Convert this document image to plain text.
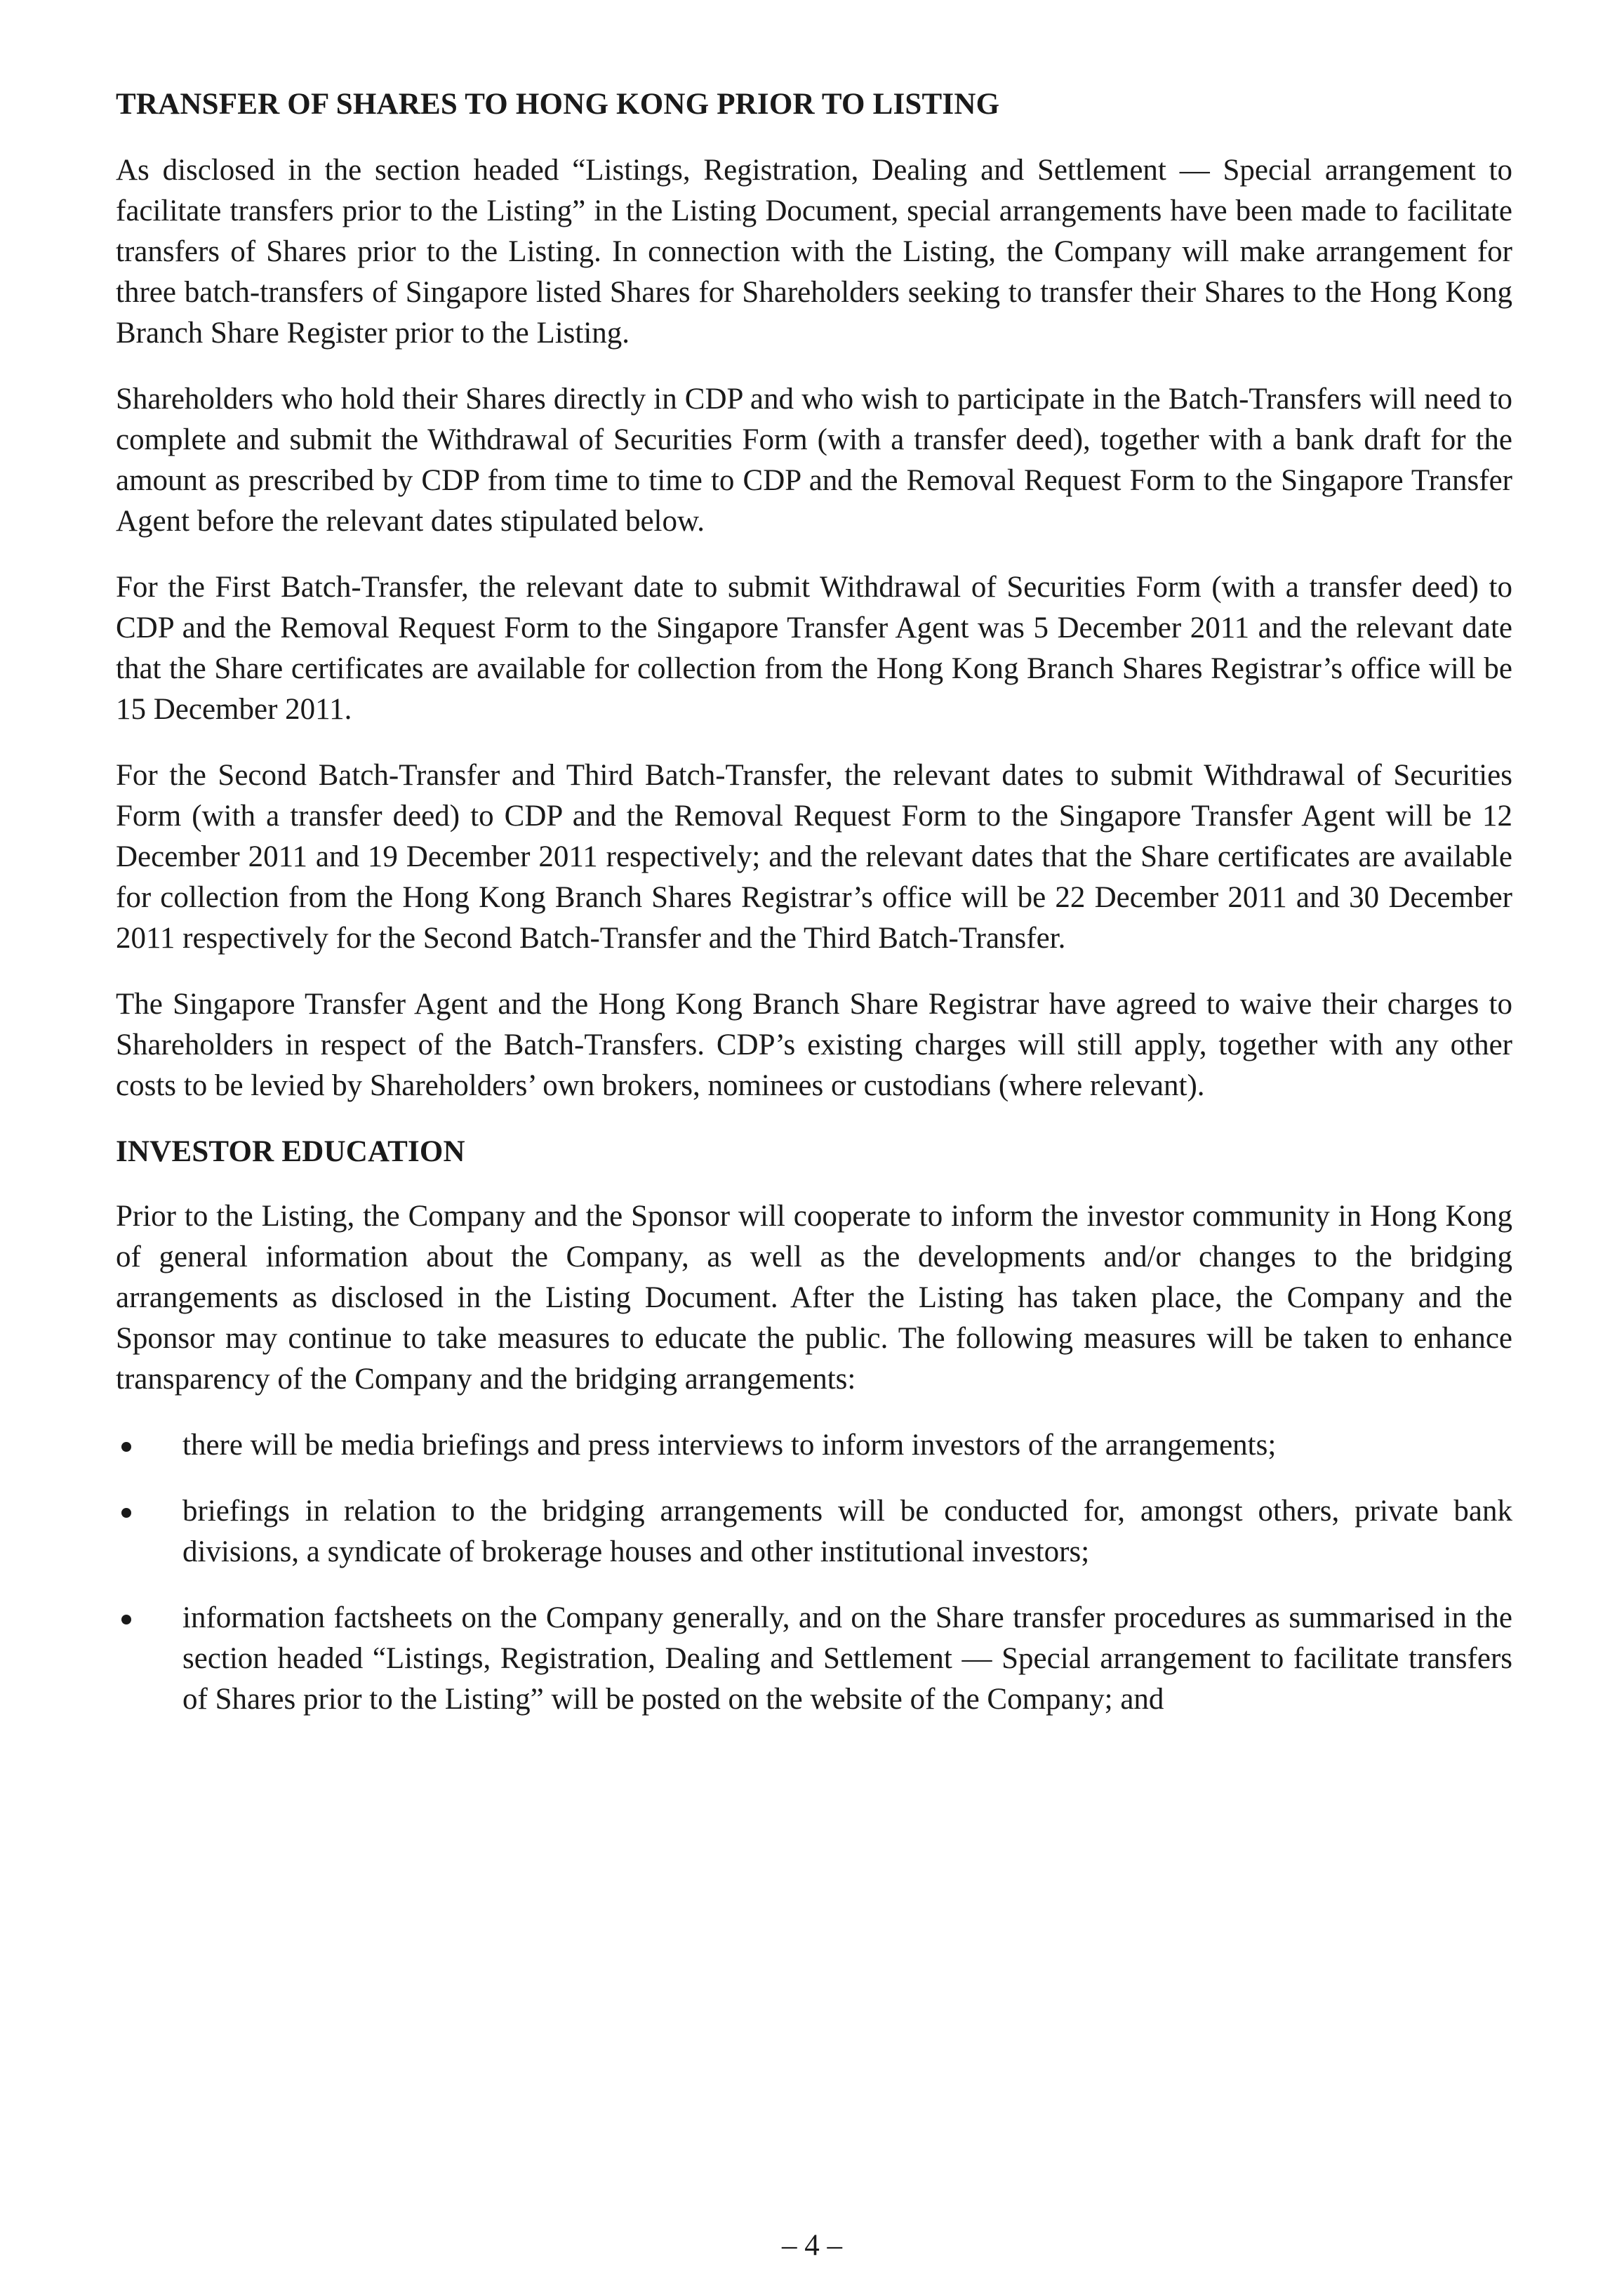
TRANSFER OF SHARES TO HONG KONG PRIOR TO LISTING

As disclosed in the section headed “Listings, Registration, Dealing and Settlement — Special arrangement to facilitate transfers prior to the Listing” in the Listing Document, special arrangements have been made to facilitate transfers of Shares prior to the Listing. In connection with the Listing, the Company will make arrangement for three batch-transfers of Singapore listed Shares for Shareholders seeking to transfer their Shares to the Hong Kong Branch Share Register prior to the Listing.

Shareholders who hold their Shares directly in CDP and who wish to participate in the Batch-Transfers will need to complete and submit the Withdrawal of Securities Form (with a transfer deed), together with a bank draft for the amount as prescribed by CDP from time to time to CDP and the Removal Request Form to the Singapore Transfer Agent before the relevant dates stipulated below.

For the First Batch-Transfer, the relevant date to submit Withdrawal of Securities Form (with a transfer deed) to CDP and the Removal Request Form to the Singapore Transfer Agent was 5 December 2011 and the relevant date that the Share certificates are available for collection from the Hong Kong Branch Shares Registrar’s office will be 15 December 2011.

For the Second Batch-Transfer and Third Batch-Transfer, the relevant dates to submit Withdrawal of Securities Form (with a transfer deed) to CDP and the Removal Request Form to the Singapore Transfer Agent will be 12 December 2011 and 19 December 2011 respectively; and the relevant dates that the Share certificates are available for collection from the Hong Kong Branch Shares Registrar’s office will be 22 December 2011 and 30 December 2011 respectively for the Second Batch-Transfer and the Third Batch-Transfer.

The Singapore Transfer Agent and the Hong Kong Branch Share Registrar have agreed to waive their charges to Shareholders in respect of the Batch-Transfers. CDP’s existing charges will still apply, together with any other costs to be levied by Shareholders’ own brokers, nominees or custodians (where relevant).

INVESTOR EDUCATION

Prior to the Listing, the Company and the Sponsor will cooperate to inform the investor community in Hong Kong of general information about the Company, as well as the developments and/or changes to the bridging arrangements as disclosed in the Listing Document. After the Listing has taken place, the Company and the Sponsor may continue to take measures to educate the public. The following measures will be taken to enhance transparency of the Company and the bridging arrangements:

there will be media briefings and press interviews to inform investors of the arrangements;
briefings in relation to the bridging arrangements will be conducted for, amongst others, private bank divisions, a syndicate of brokerage houses and other institutional investors;
information factsheets on the Company generally, and on the Share transfer procedures as summarised in the section headed “Listings, Registration, Dealing and Settlement — Special arrangement to facilitate transfers of Shares prior to the Listing” will be posted on the website of the Company; and
– 4 –
